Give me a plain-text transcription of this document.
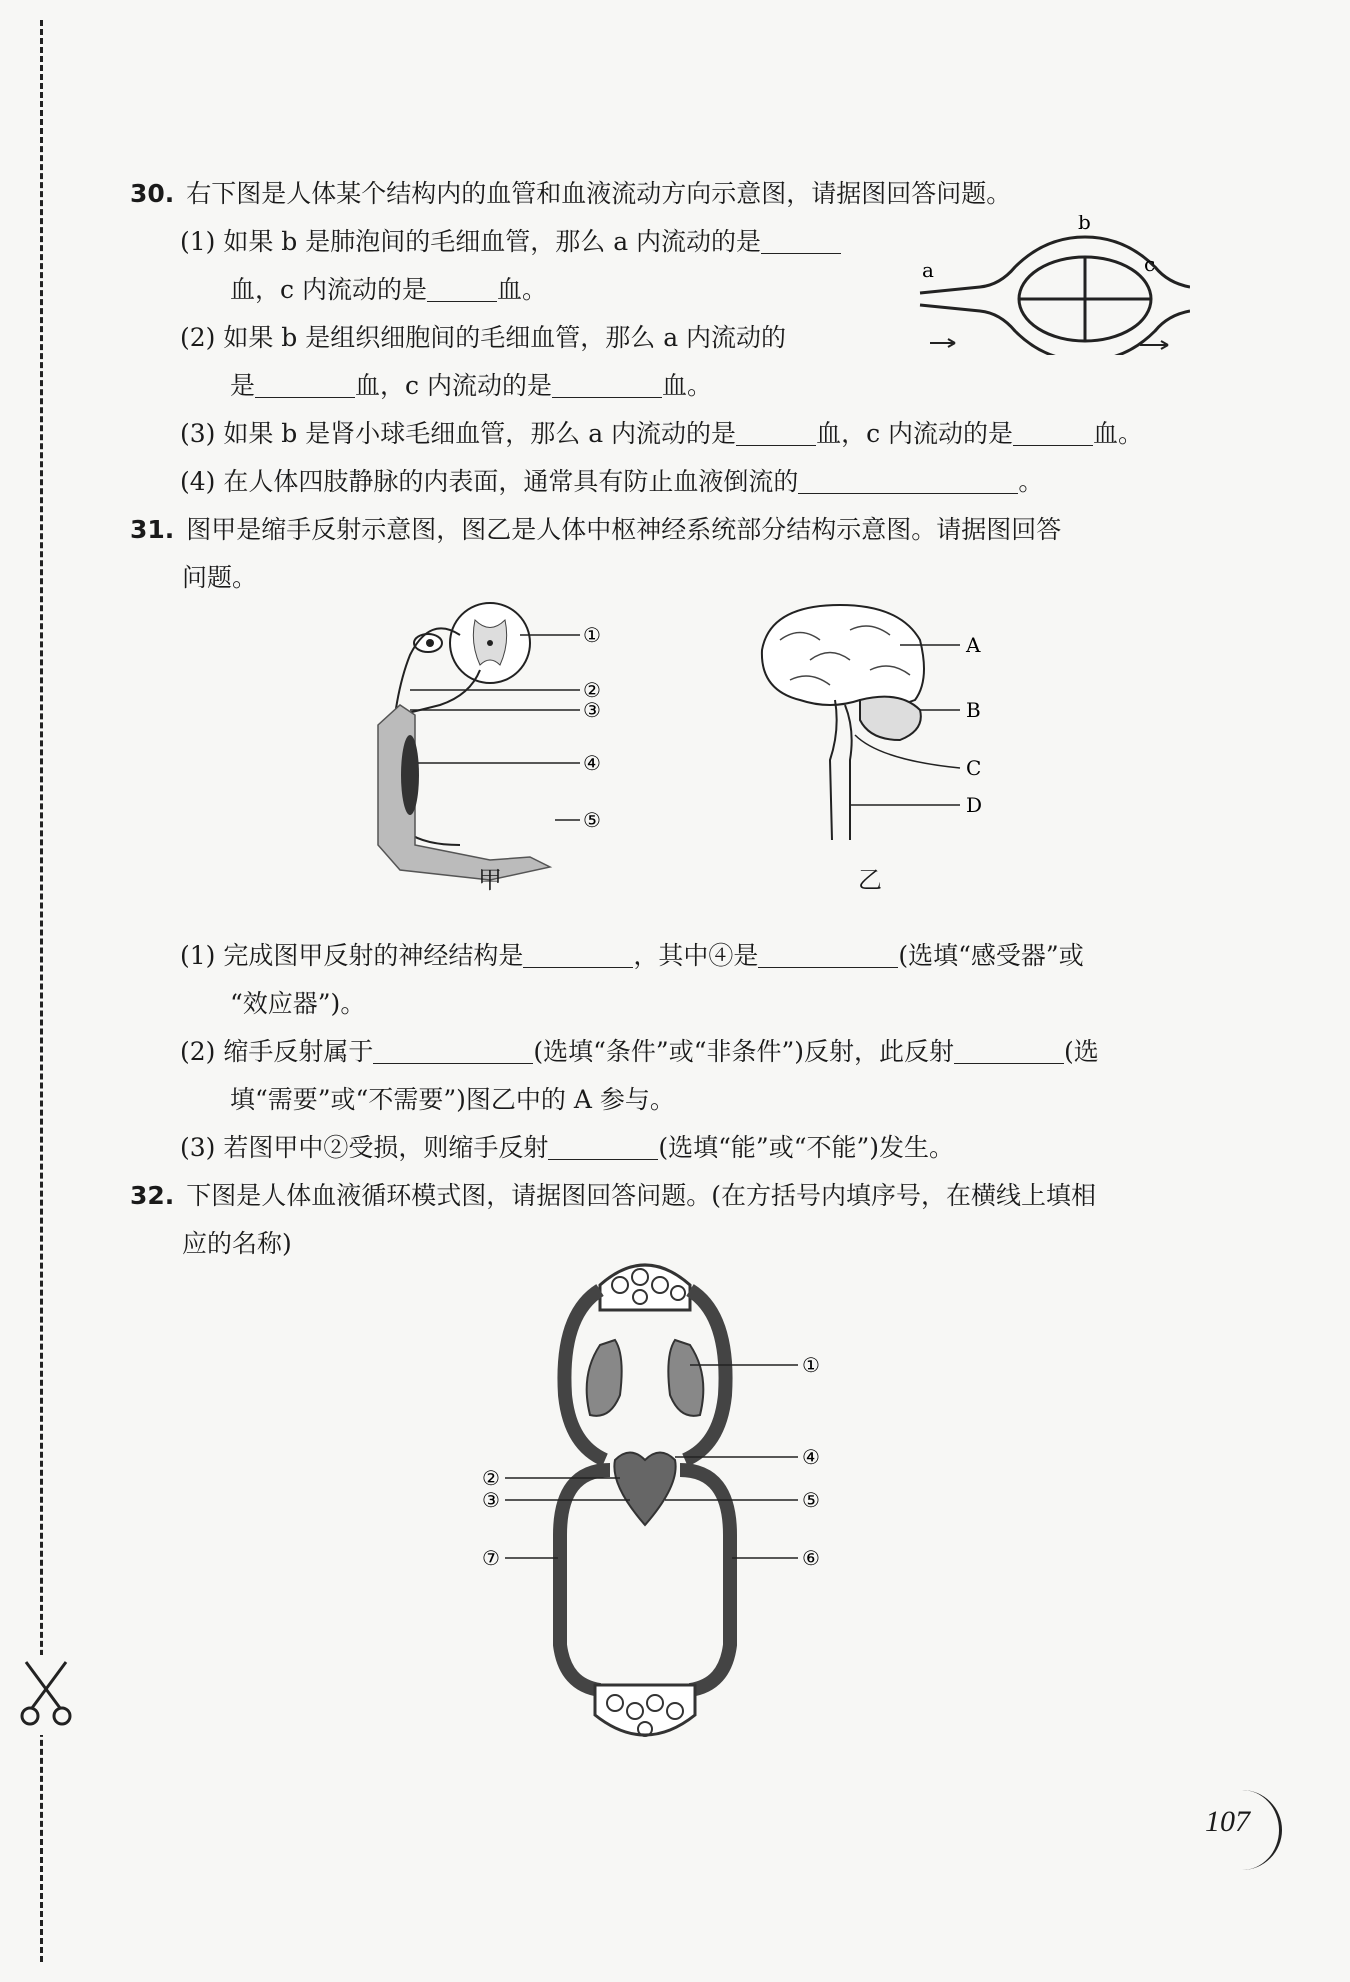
30. 右下图是人体某个结构内的血管和血液流动方向示意图，请据图回答问题。

(1) 如果 b 是肺泡间的毛细血管，那么 a 内流动的是

血，c 内流动的是	血。

(2) 如果 b 是组织细胞间的毛细血管，那么 a 内流动的

是	血，c 内流动的是	血。

(3) 如果 b 是肾小球毛细血管，那么 a 内流动的是	血，c 内流动的是	血。

(4) 在人体四肢静脉的内表面，通常具有防止血液倒流的	。

31. 图甲是缩手反射示意图，图乙是人体中枢神经系统部分结构示意图。请据图回答

问题。

(1) 完成图甲反射的神经结构是	，其中④是	(选填“感受器”或

“效应器”)。

(2) 缩手反射属于	(选填“条件”或“非条件”)反射，此反射	(选

填“需要”或“不需要”)图乙中的 A 参与。

(3) 若图甲中②受损，则缩手反射	(选填“能”或“不能”)发生。

32. 下图是人体血液循环模式图，请据图回答问题。(在方括号内填序号，在横线上填相

应的名称)

a
b
c
①
②
③
④
⑤
甲
A
B
C
D
乙
①
②
③
④
⑤
⑥
⑦
107
